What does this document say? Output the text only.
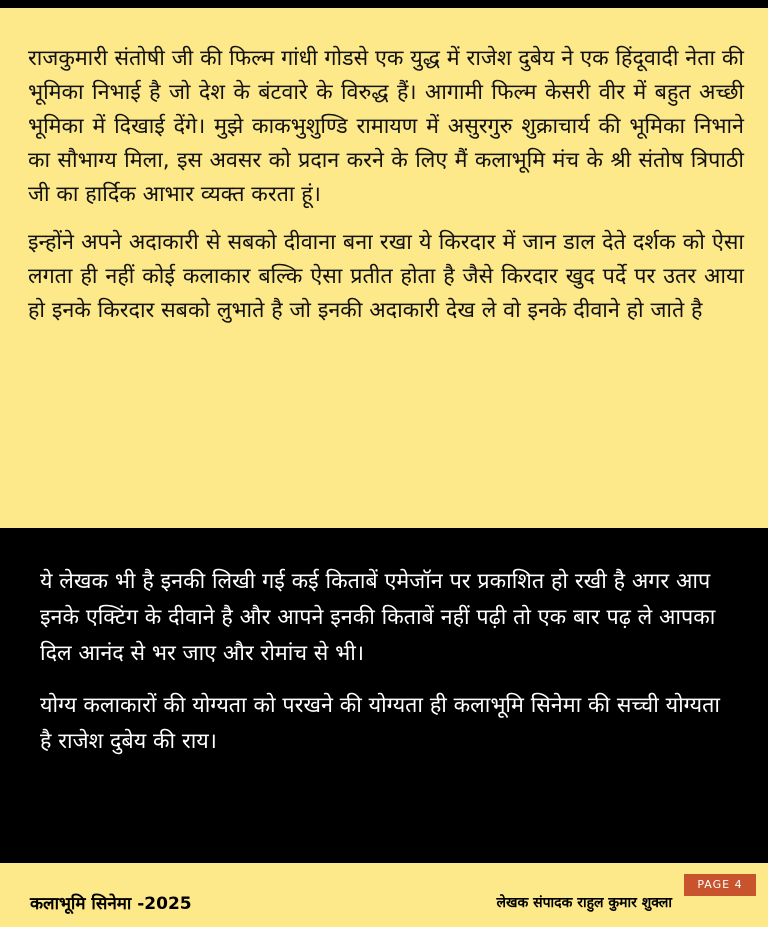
राजकुमारी संतोषी जी की फिल्म गांधी गोडसे एक युद्ध में राजेश दुबेय ने एक हिंदूवादी नेता की भूमिका निभाई है जो देश के बंटवारे के विरुद्ध हैं। आगामी फिल्म केसरी वीर में बहुत अच्छी भूमिका में दिखाई देंगे। मुझे काकभुशुण्डि रामायण में असुरगुरु शुक्राचार्य की भूमिका निभाने का सौभाग्य मिला, इस अवसर को प्रदान करने के लिए मैं कलाभूमि मंच के श्री संतोष त्रिपाठी जी का हार्दिक आभार व्यक्त करता हूं।

इन्होंने अपने अदाकारी से सबको दीवाना बना रखा ये किरदार में जान डाल देते दर्शक को ऐसा लगता ही नहीं कोई कलाकार बल्कि ऐसा प्रतीत होता है जैसे किरदार खुद पर्दे पर उतर आया हो इनके किरदार सबको लुभाते है जो इनकी अदाकारी देख ले वो इनके दीवाने हो जाते है

ये लेखक भी है इनकी लिखी गई कई किताबें एमेजॉन पर प्रकाशित हो रखी है अगर आप इनके एक्टिंग के दीवाने है और आपने इनकी किताबें नहीं पढ़ी तो एक बार पढ़ ले आपका दिल आनंद से भर जाए और रोमांच से भी।

योग्य कलाकारों की योग्यता को परखने की योग्यता ही कलाभूमि सिनेमा की सच्ची योग्यता है राजेश दुबेय की राय।

PAGE 4
कलाभूमि सिनेमा -2025	लेखक संपादक राहुल कुमार शुक्ला
